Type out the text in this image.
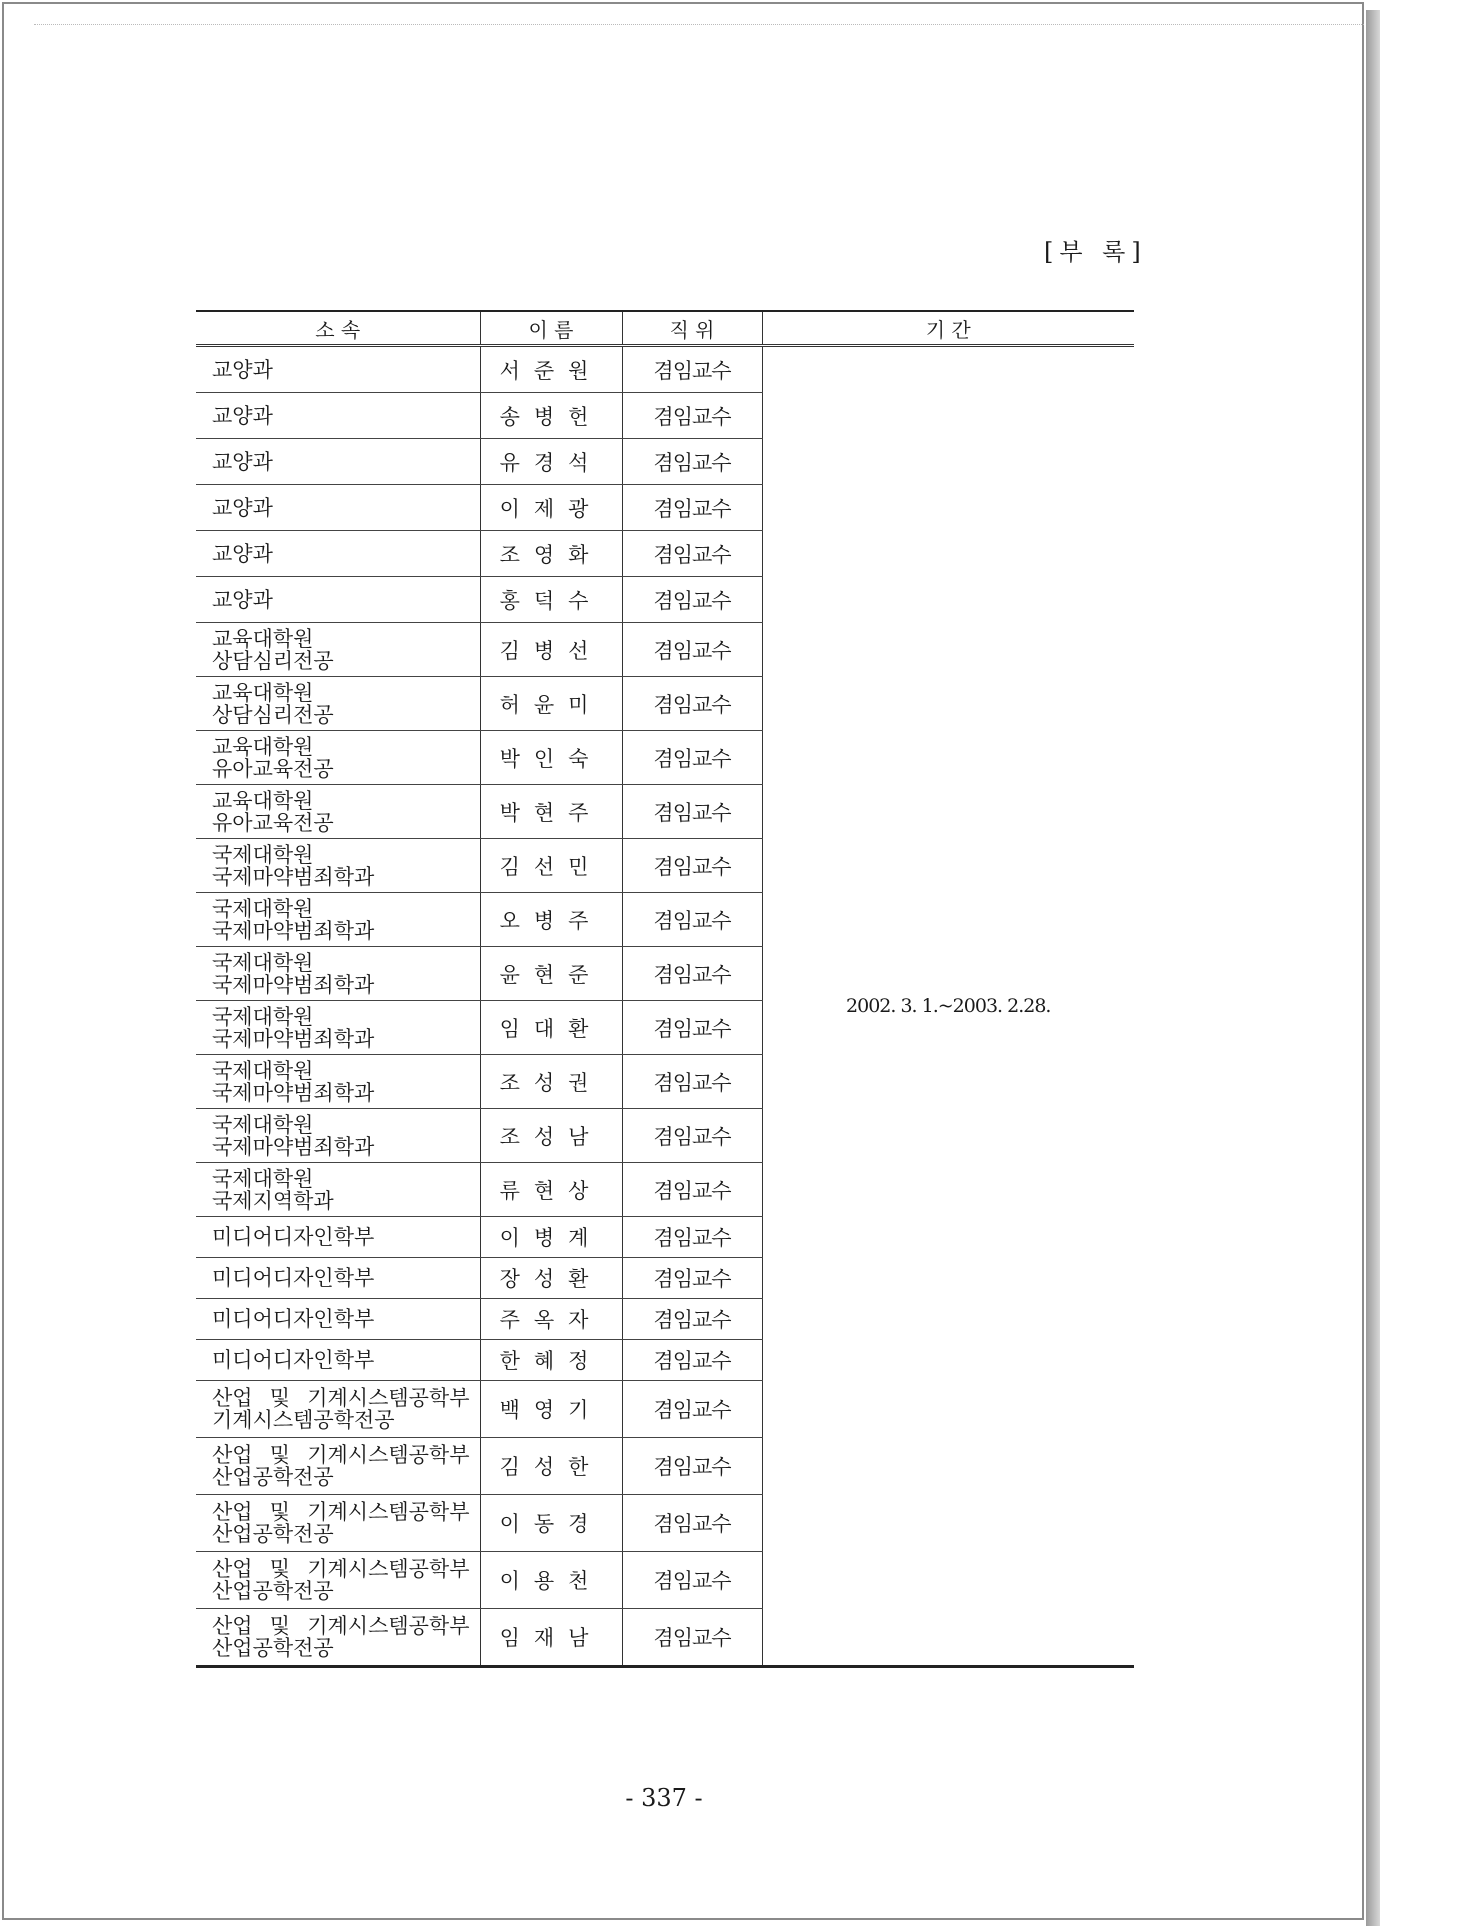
[부 록]
소 속	이 름	직 위	기 간

교양과	서준원	겸임교수	2002. 3. 1.~2003. 2.28.

교양과	송병헌	겸임교수	

교양과	유경석	겸임교수	

교양과	이제광	겸임교수	

교양과	조영화	겸임교수	

교양과	홍덕수	겸임교수	

교육대학원
상담심리전공	김병선	겸임교수	

교육대학원
상담심리전공	허윤미	겸임교수	

교육대학원
유아교육전공	박인숙	겸임교수	

교육대학원
유아교육전공	박현주	겸임교수	

국제대학원
국제마약범죄학과	김선민	겸임교수	

국제대학원
국제마약범죄학과	오병주	겸임교수	

국제대학원
국제마약범죄학과	윤현준	겸임교수	

국제대학원
국제마약범죄학과	임대환	겸임교수	

국제대학원
국제마약범죄학과	조성권	겸임교수	

국제대학원
국제마약범죄학과	조성남	겸임교수	

국제대학원
국제지역학과	류현상	겸임교수	

미디어디자인학부	이병계	겸임교수	

미디어디자인학부	장성환	겸임교수	

미디어디자인학부	주옥자	겸임교수	

미디어디자인학부	한혜정	겸임교수	

산업 및 기계시스템공학부
기계시스템공학전공	백영기	겸임교수	

산업 및 기계시스템공학부
산업공학전공	김성한	겸임교수	

산업 및 기계시스템공학부
산업공학전공	이동경	겸임교수	

산업 및 기계시스템공학부
산업공학전공	이용천	겸임교수	

산업 및 기계시스템공학부
산업공학전공	임재남	겸임교수	
- 337 -
